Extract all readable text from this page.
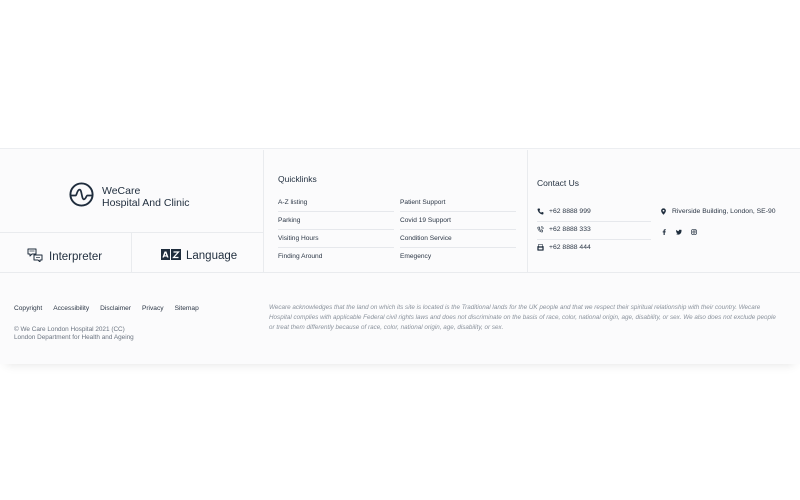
WeCare
Hospital And Clinic
Interpreter	A Language
Quicklinks
A-Z listing
Parking
Visiting Hours
Finding Around
Patient Support
Covid 19 Support
Condition Service
Emegency
Contact Us
+62 8888 999
+62 8888 333
+62 8888 444
Riverside Building, London, SE-90
Copyright Accessibility Disclaimer Privacy Sitemap
© We Care London Hospital 2021 (CC)
London Department for Health and Ageing
Wecare acknowledges that the land on which its site is located is the Traditional lands for the UK people and that we respect their spiritual relationship with their country. Wecare Hospital complies with applicable Federal civil rights laws and does not discriminate on the basis of race, color, national origin, age, disability, or sex. We also does not exclude people or treat them differently because of race, color, national origin, age, disability, or sex.
